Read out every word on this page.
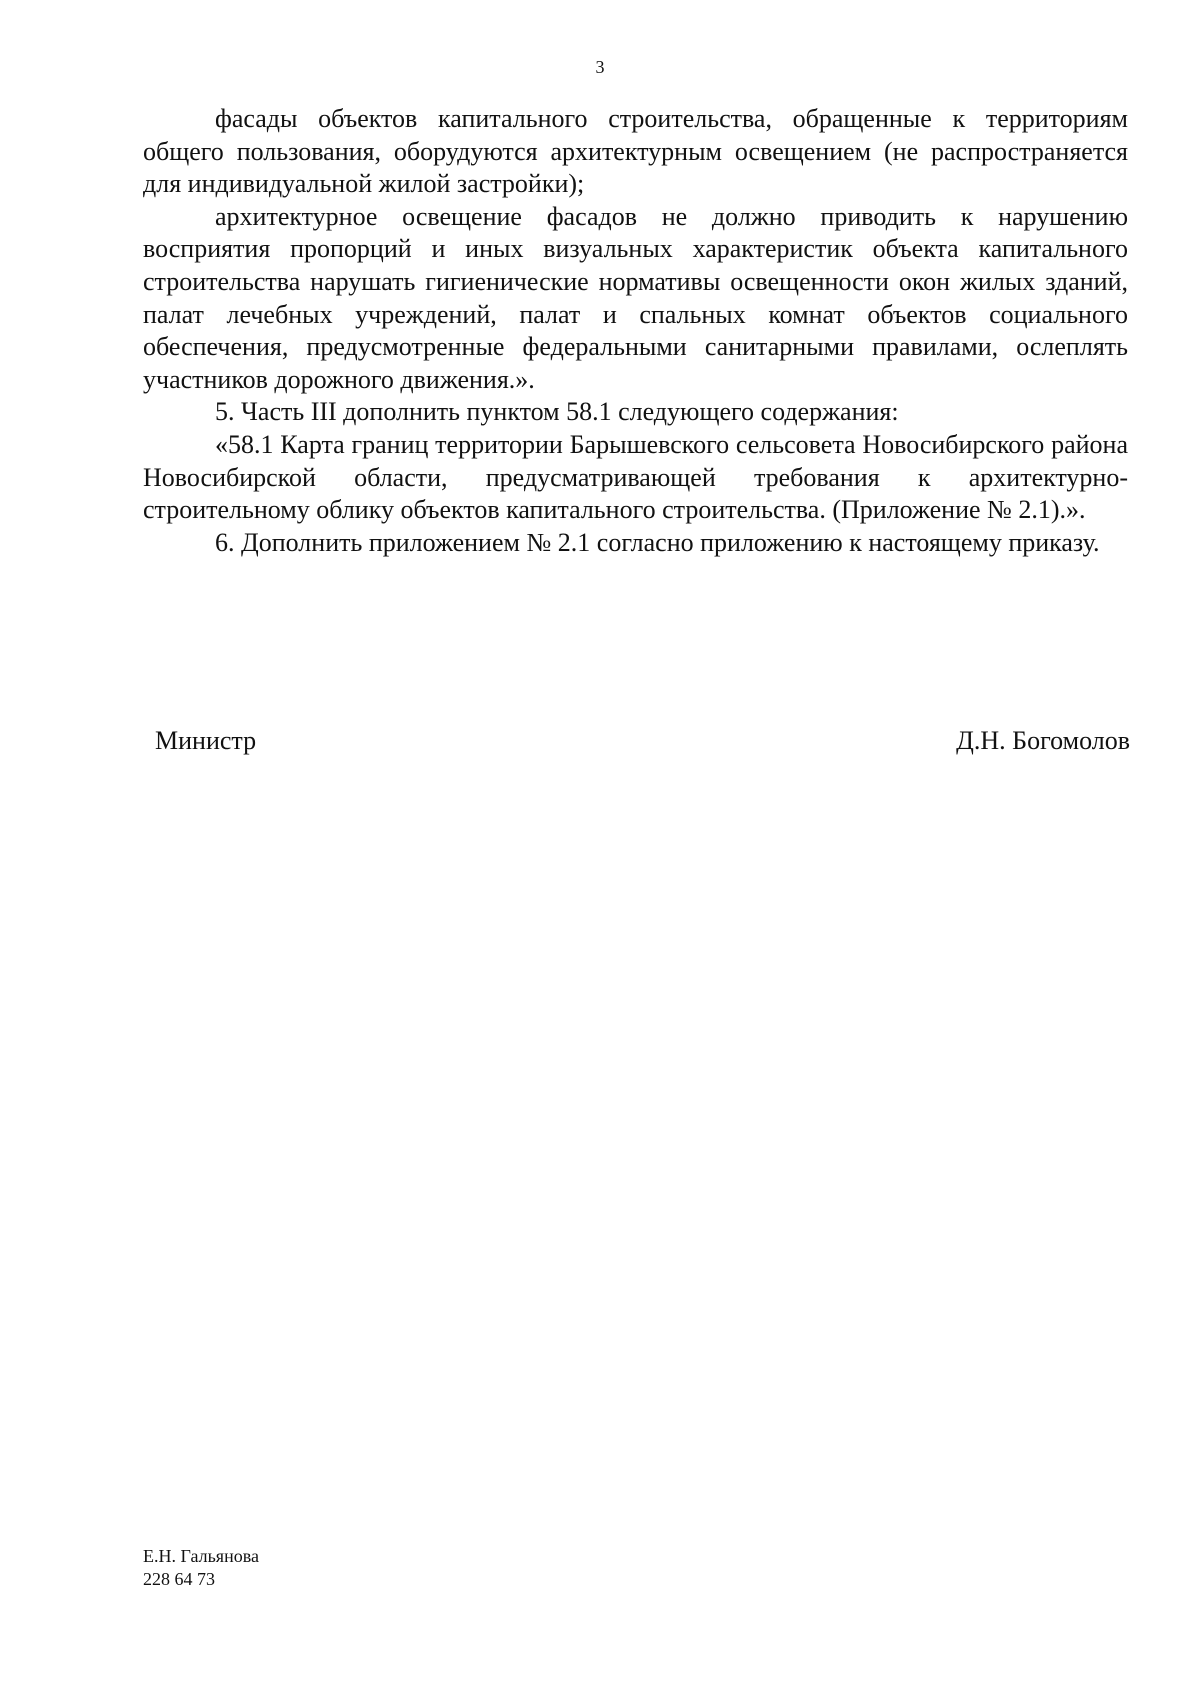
3

фасады объектов капитального строительства, обращенные к территориям общего пользования, оборудуются архитектурным освещением (не распространяется для индивидуальной жилой застройки);

архитектурное освещение фасадов не должно приводить к нарушению восприятия пропорций и иных визуальных характеристик объекта капитального строительства нарушать гигиенические нормативы освещенности окон жилых зданий, палат лечебных учреждений, палат и спальных комнат объектов социального обеспечения, предусмотренные федеральными санитарными правилами, ослеплять участников дорожного движения.».

5. Часть III дополнить пунктом 58.1 следующего содержания:

«58.1 Карта границ территории Барышевского сельсовета Новосибирского района Новосибирской области, предусматривающей требования к архитектурно-строительному облику объектов капитального строительства. (Приложение № 2.1).».

6. Дополнить приложением № 2.1 согласно приложению к настоящему приказу.

Министр	Д.Н. Богомолов
Е.Н. Гальянова
228 64 73
